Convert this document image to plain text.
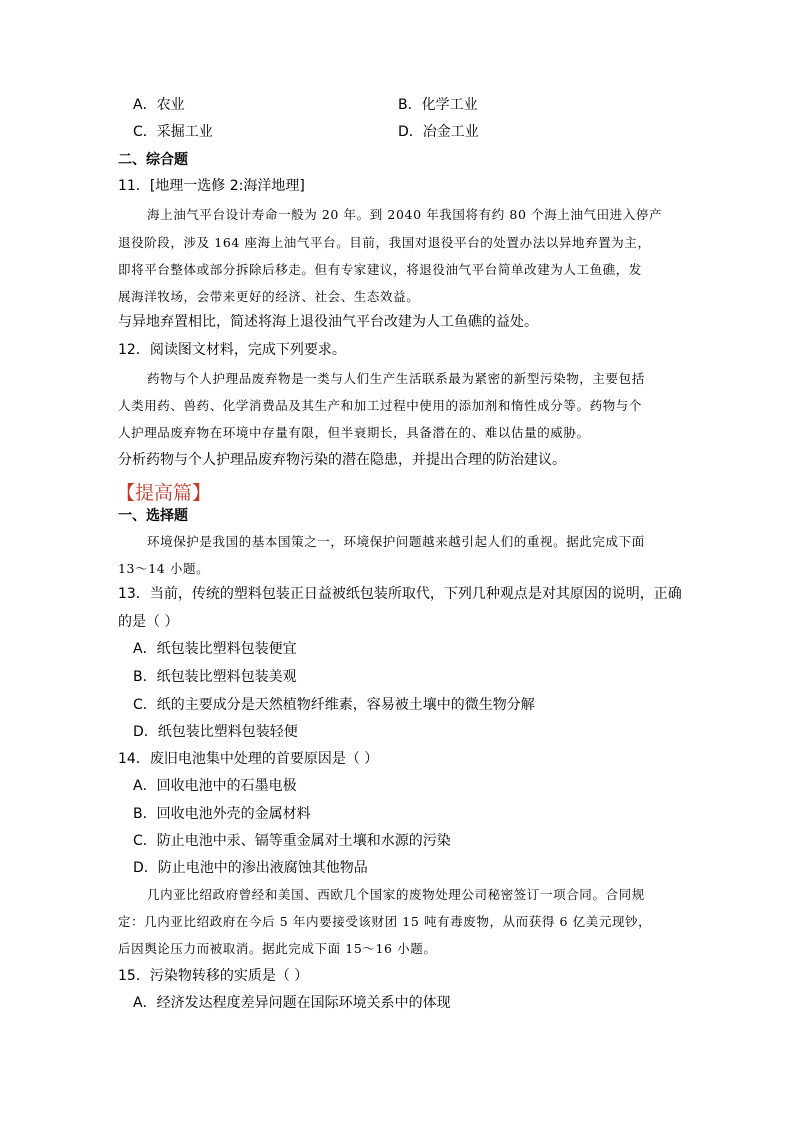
A．农业	B．化学工业
C．采掘工业	D．冶金工业
二、综合题
11．[地理一选修 2:海洋地理]
海上油气平台设计寿命一般为 20 年。到 2040 年我国将有约 80 个海上油气田进入停产
退役阶段，涉及 164 座海上油气平台。目前，我国对退役平台的处置办法以异地弃置为主，
即将平台整体或部分拆除后移走。但有专家建议，将退役油气平台简单改建为人工鱼礁，发
展海洋牧场，会带来更好的经济、社会、生态效益。
与异地弃置相比，简述将海上退役油气平台改建为人工鱼礁的益处。
12．阅读图文材料，完成下列要求。
药物与个人护理品废弃物是一类与人们生产生活联系最为紧密的新型污染物，主要包括
人类用药、兽药、化学消费品及其生产和加工过程中使用的添加剂和惰性成分等。药物与个
人护理品废弃物在环境中存量有限，但半衰期长，具备潜在的、难以估量的威胁。
分析药物与个人护理品废弃物污染的潜在隐患，并提出合理的防治建议。
【提高篇】
一、选择题
环境保护是我国的基本国策之一，环境保护问题越来越引起人们的重视。据此完成下面
13～14 小题。
13．当前，传统的塑料包装正日益被纸包装所取代，下列几种观点是对其原因的说明，正确
的是（ ）
A．纸包装比塑料包装便宜
B．纸包装比塑料包装美观
C．纸的主要成分是天然植物纤维素，容易被土壤中的微生物分解
D．纸包装比塑料包装轻便
14．废旧电池集中处理的首要原因是（ ）
A．回收电池中的石墨电极
B．回收电池外壳的金属材料
C．防止电池中汞、镉等重金属对土壤和水源的污染
D．防止电池中的渗出液腐蚀其他物品
几内亚比绍政府曾经和美国、西欧几个国家的废物处理公司秘密签订一项合同。合同规
定：几内亚比绍政府在今后 5 年内要接受该财团 15 吨有毒废物，从而获得 6 亿美元现钞，
后因舆论压力而被取消。据此完成下面 15～16 小题。
15．污染物转移的实质是（ ）
A．经济发达程度差异问题在国际环境关系中的体现
